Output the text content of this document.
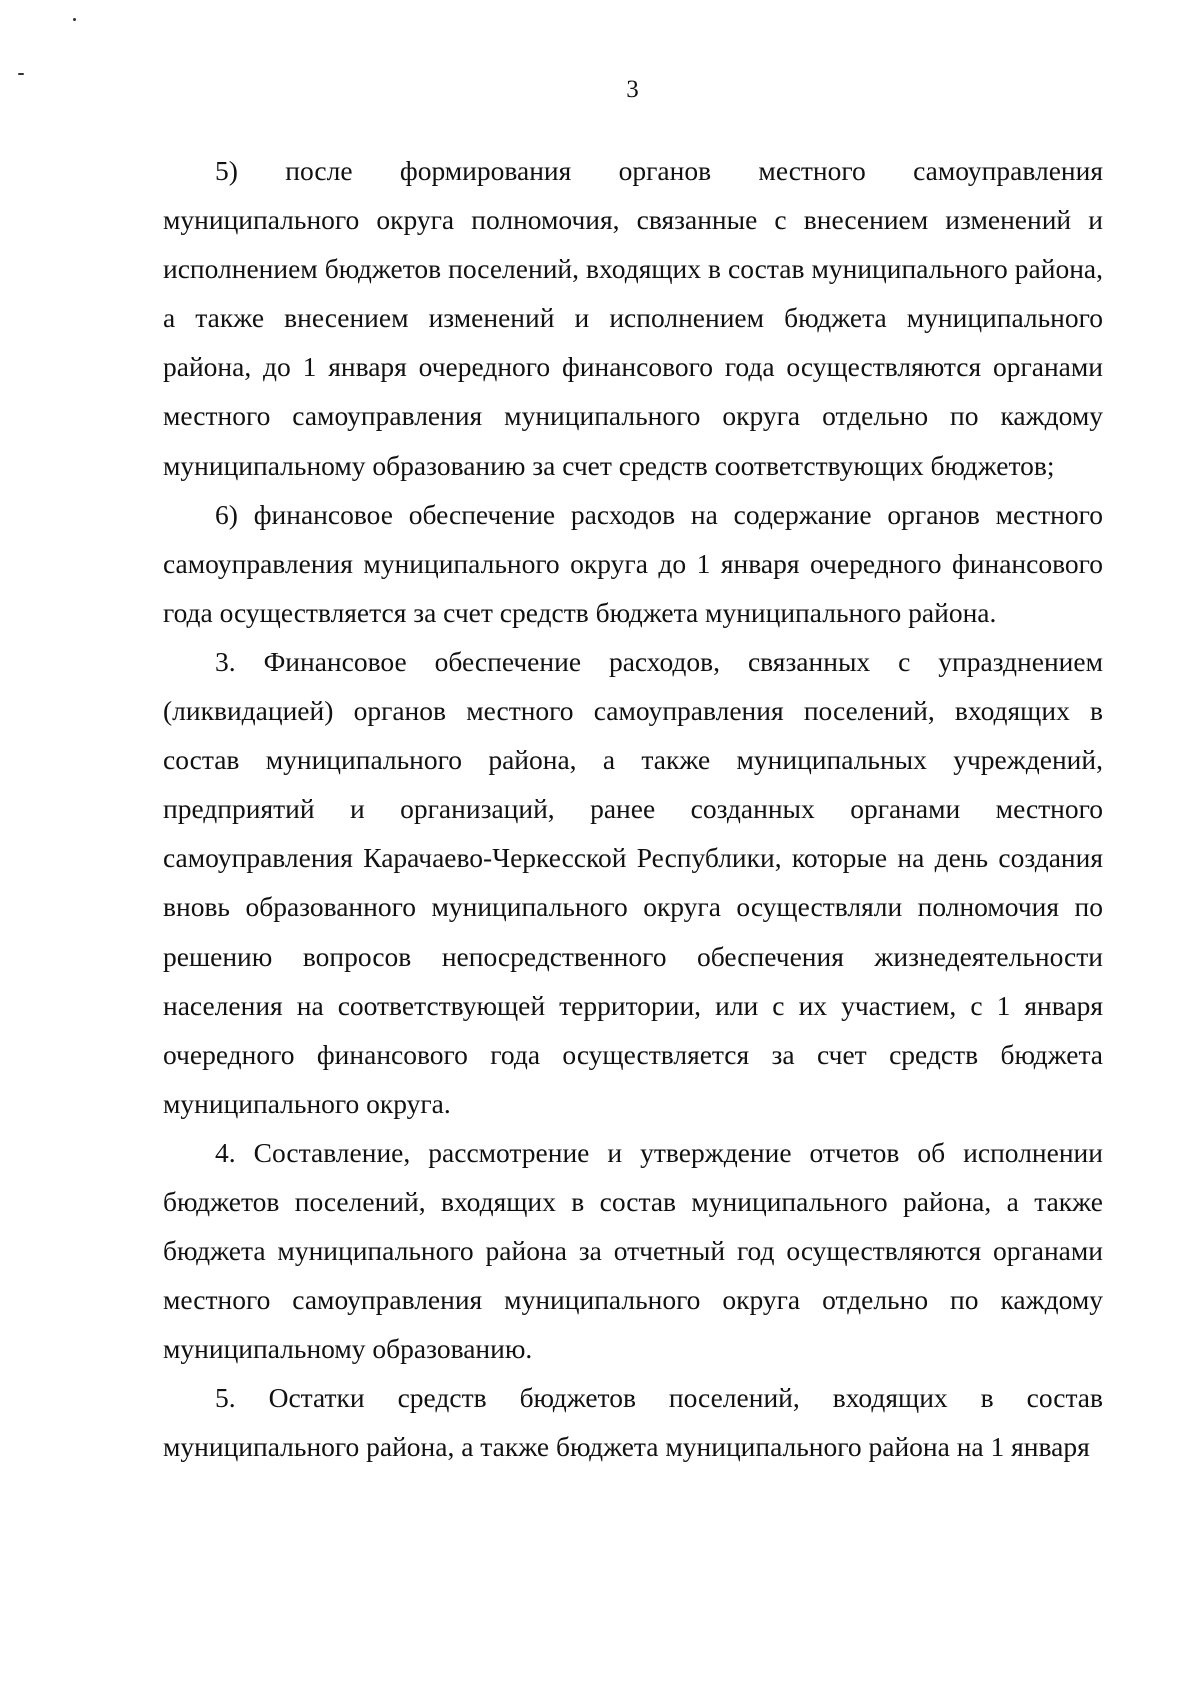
3

5) после формирования органов местного самоуправления муниципального округа полномочия, связанные с внесением изменений и исполнением бюджетов поселений, входящих в состав муниципального района, а также внесением изменений и исполнением бюджета муниципального района, до 1 января очередного финансового года осуществляются органами местного самоуправления муниципального округа отдельно по каждому муниципальному образованию за счет средств соответствующих бюджетов;

6) финансовое обеспечение расходов на содержание органов местного самоуправления муниципального округа до 1 января очередного финансового года осуществляется за счет средств бюджета муниципального района.

3. Финансовое обеспечение расходов, связанных с упразднением (ликвидацией) органов местного самоуправления поселений, входящих в состав муниципального района, а также муниципальных учреждений, предприятий и организаций, ранее созданных органами местного самоуправления Карачаево-Черкесской Республики, которые на день создания вновь образованного муниципального округа осуществляли полномочия по решению вопросов непосредственного обеспечения жизнедеятельности населения на соответствующей территории, или с их участием, с 1 января очередного финансового года осуществляется за счет средств бюджета муниципального округа.

4. Составление, рассмотрение и утверждение отчетов об исполнении бюджетов поселений, входящих в состав муниципального района, а также бюджета муниципального района за отчетный год осуществляются органами местного самоуправления муниципального округа отдельно по каждому муниципальному образованию.

5. Остатки средств бюджетов поселений, входящих в состав муниципального района, а также бюджета муниципального района на 1 января
